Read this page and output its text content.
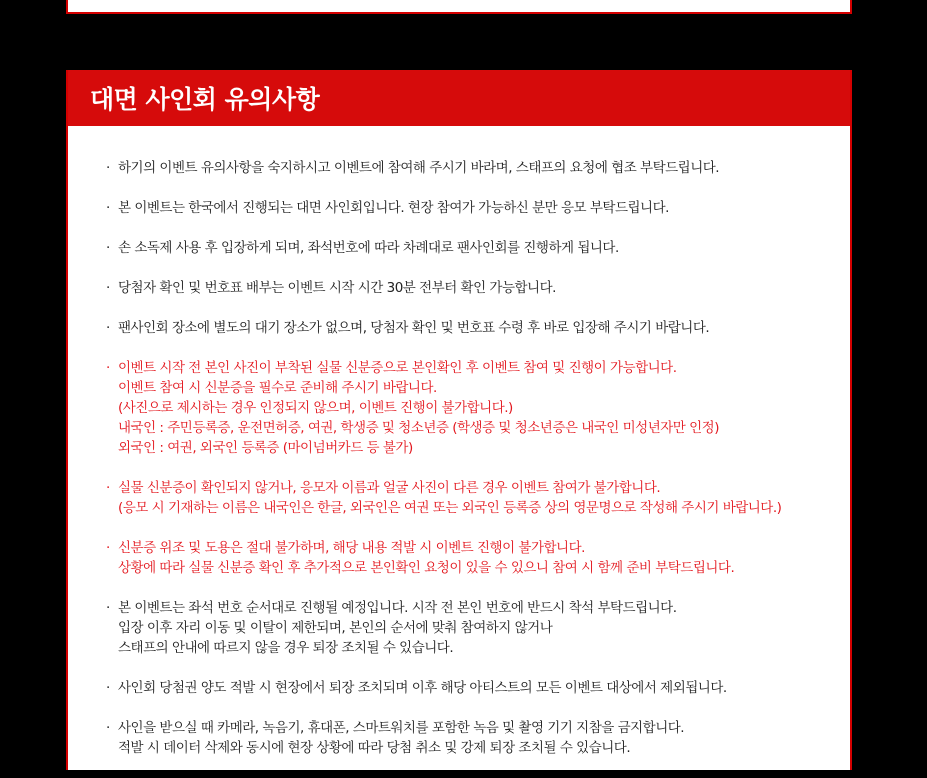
대면 사인회 유의사항
· 하기의 이벤트 유의사항을 숙지하시고 이벤트에 참여해 주시기 바라며, 스태프의 요청에 협조 부탁드립니다.
· 본 이벤트는 한국에서 진행되는 대면 사인회입니다. 현장 참여가 가능하신 분만 응모 부탁드립니다.
· 손 소독제 사용 후 입장하게 되며, 좌석번호에 따라 차례대로 팬사인회를 진행하게 됩니다.
· 당첨자 확인 및 번호표 배부는 이벤트 시작 시간 30분 전부터 확인 가능합니다.
· 팬사인회 장소에 별도의 대기 장소가 없으며, 당첨자 확인 및 번호표 수령 후 바로 입장해 주시기 바랍니다.
· 이벤트 시작 전 본인 사진이 부착된 실물 신분증으로 본인확인 후 이벤트 참여 및 진행이 가능합니다.
이벤트 참여 시 신분증을 필수로 준비해 주시기 바랍니다.
(사진으로 제시하는 경우 인정되지 않으며, 이벤트 진행이 불가합니다.)
내국인 : 주민등록증, 운전면허증, 여권, 학생증 및 청소년증 (학생증 및 청소년증은 내국인 미성년자만 인정)
외국인 : 여권, 외국인 등록증 (마이넘버카드 등 불가)
· 실물 신분증이 확인되지 않거나, 응모자 이름과 얼굴 사진이 다른 경우 이벤트 참여가 불가합니다.
(응모 시 기재하는 이름은 내국인은 한글, 외국인은 여권 또는 외국인 등록증 상의 영문명으로 작성해 주시기 바랍니다.)
· 신분증 위조 및 도용은 절대 불가하며, 해당 내용 적발 시 이벤트 진행이 불가합니다.
상황에 따라 실물 신분증 확인 후 추가적으로 본인확인 요청이 있을 수 있으니 참여 시 함께 준비 부탁드립니다.
· 본 이벤트는 좌석 번호 순서대로 진행될 예정입니다. 시작 전 본인 번호에 반드시 착석 부탁드립니다.
입장 이후 자리 이동 및 이탈이 제한되며, 본인의 순서에 맞춰 참여하지 않거나
스태프의 안내에 따르지 않을 경우 퇴장 조치될 수 있습니다.
· 사인회 당첨권 양도 적발 시 현장에서 퇴장 조치되며 이후 해당 아티스트의 모든 이벤트 대상에서 제외됩니다.
· 사인을 받으실 때 카메라, 녹음기, 휴대폰, 스마트워치를 포함한 녹음 및 촬영 기기 지참을 금지합니다.
적발 시 데이터 삭제와 동시에 현장 상황에 따라 당첨 취소 및 강제 퇴장 조치될 수 있습니다.
